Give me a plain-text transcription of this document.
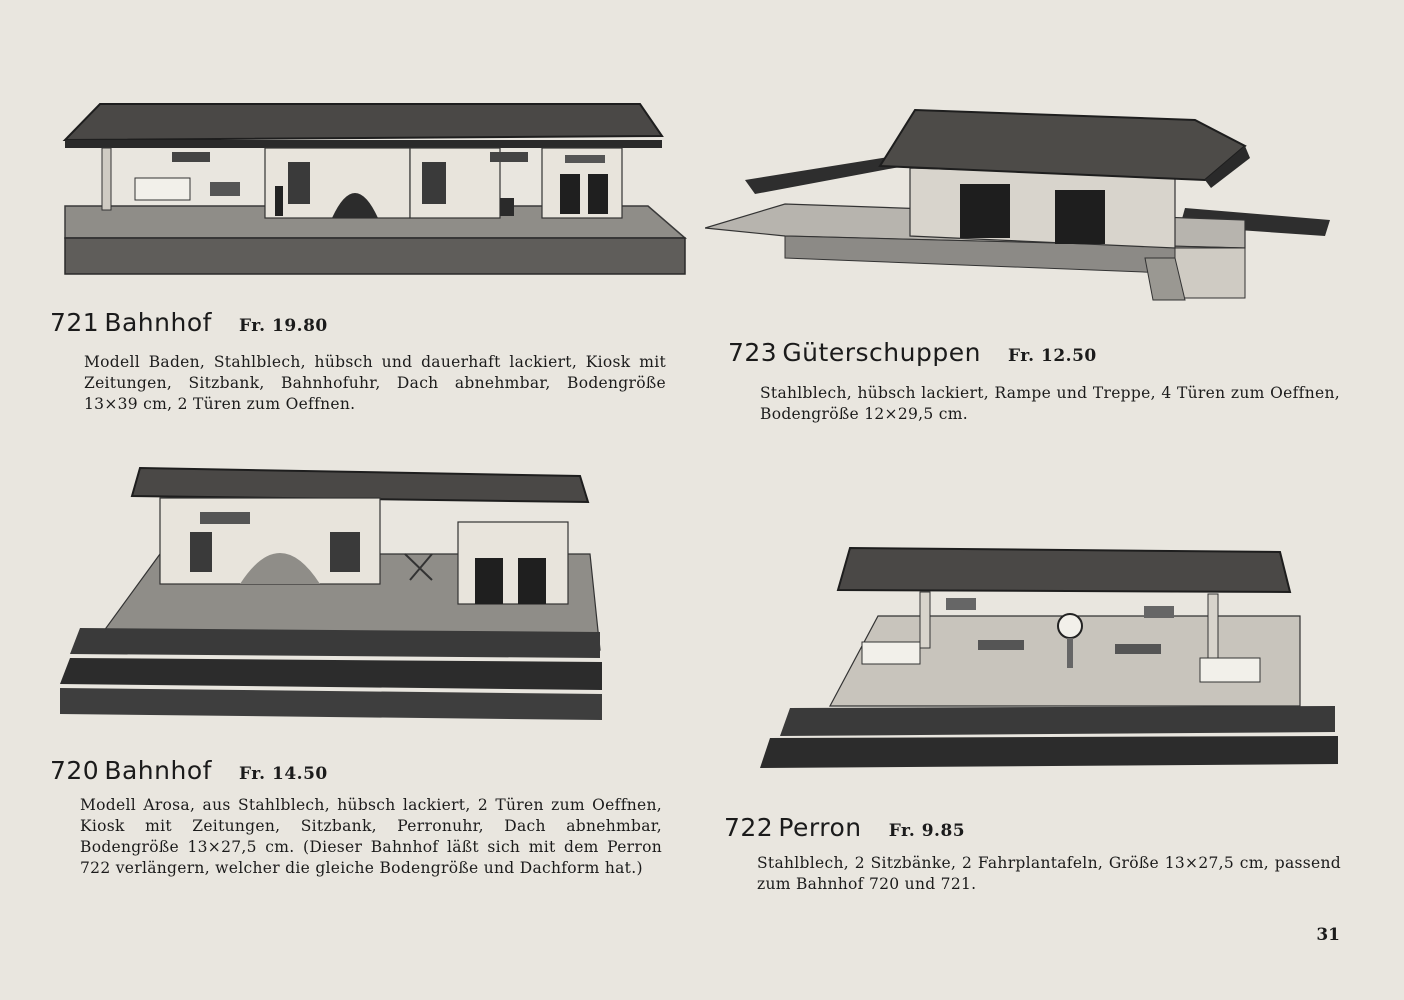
721 Bahnhof Fr. 19.80
Modell Baden, Stahlblech, hübsch und dauerhaft lackiert, Kiosk mit Zeitungen, Sitzbank, Bahnhofuhr, Dach abnehmbar, Bodengröße 13×39 cm, 2 Türen zum Oeffnen.
723 Güterschuppen Fr. 12.50
Stahlblech, hübsch lackiert, Rampe und Treppe, 4 Türen zum Oeffnen, Bodengröße 12×29,5 cm.
720 Bahnhof Fr. 14.50
Modell Arosa, aus Stahlblech, hübsch lackiert, 2 Türen zum Oeffnen, Kiosk mit Zeitungen, Sitzbank, Perronuhr, Dach abnehmbar, Bodengröße 13×27,5 cm. (Dieser Bahnhof läßt sich mit dem Perron 722 verlängern, welcher die gleiche Bodengröße und Dachform hat.)
722 Perron Fr. 9.85
Stahlblech, 2 Sitzbänke, 2 Fahrplantafeln, Größe 13×27,5 cm, passend zum Bahnhof 720 und 721.
31
